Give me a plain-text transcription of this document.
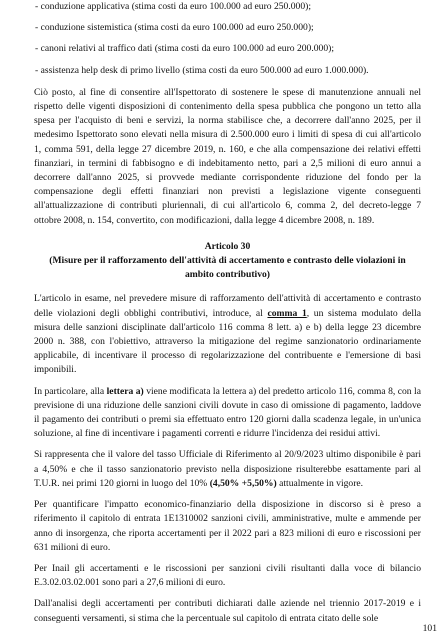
- conduzione applicativa (stima costi da euro 100.000 ad euro 250.000);
- conduzione sistemistica (stima costi da euro 100.000 ad euro 250.000);
- canoni relativi al traffico dati (stima costi da euro 100.000 ad euro 200.000);
- assistenza help desk di primo livello (stima costi da euro 500.000 ad euro 1.000.000).

Ciò posto, al fine di consentire all'Ispettorato di sostenere le spese di manutenzione annuali nel rispetto delle vigenti disposizioni di contenimento della spesa pubblica che pongono un tetto alla spesa per l'acquisto di beni e servizi, la norma stabilisce che, a decorrere dall'anno 2025, per il medesimo Ispettorato sono elevati nella misura di 2.500.000 euro i limiti di spesa di cui all'articolo 1, comma 591, della legge 27 dicembre 2019, n. 160, e che alla compensazione dei relativi effetti finanziari, in termini di fabbisogno e di indebitamento netto, pari a 2,5 milioni di euro annui a decorrere dall'anno 2025, si provvede mediante corrispondente riduzione del fondo per la compensazione degli effetti finanziari non previsti a legislazione vigente conseguenti all'attualizzazione di contributi pluriennali, di cui all'articolo 6, comma 2, del decreto-legge 7 ottobre 2008, n. 154, convertito, con modificazioni, dalla legge 4 dicembre 2008, n. 189.

Articolo 30
(Misure per il rafforzamento dell'attività di accertamento e contrasto delle violazioni in ambito contributivo)

L'articolo in esame, nel prevedere misure di rafforzamento dell'attività di accertamento e contrasto delle violazioni degli obblighi contributivi, introduce, al comma 1, un sistema modulato della misura delle sanzioni disciplinate dall'articolo 116 comma 8 lett. a) e b) della legge 23 dicembre 2000 n. 388, con l'obiettivo, attraverso la mitigazione del regime sanzionatorio ordinariamente applicabile, di incentivare il processo di regolarizzazione del contribuente e l'emersione di basi imponibili.

In particolare, alla lettera a) viene modificata la lettera a) del predetto articolo 116, comma 8, con la previsione di una riduzione delle sanzioni civili dovute in caso di omissione di pagamento, laddove il pagamento dei contributi o premi sia effettuato entro 120 giorni dalla scadenza legale, in un'unica soluzione, al fine di incentivare i pagamenti correnti e ridurre l'incidenza dei residui attivi.

Si rappresenta che il valore del tasso Ufficiale di Riferimento al 20/9/2023 ultimo disponibile è pari a 4,50% e che il tasso sanzionatorio previsto nella disposizione risulterebbe esattamente pari al T.U.R. nei primi 120 giorni in luogo del 10% (4,50% +5,50%) attualmente in vigore.

Per quantificare l'impatto economico-finanziario della disposizione in discorso si è preso a riferimento il capitolo di entrata 1E1310002 sanzioni civili, amministrative, multe e ammende per anno di insorgenza, che riporta accertamenti per il 2022 pari a 823 milioni di euro e riscossioni per 631 milioni di euro.

Per Inail gli accertamenti e le riscossioni per sanzioni civili risultanti dalla voce di bilancio E.3.02.03.02.001 sono pari a 27,6 milioni di euro.

Dall'analisi degli accertamenti per contributi dichiarati dalle aziende nel triennio 2017-2019 e i conseguenti versamenti, si stima che la percentuale sul capitolo di entrata citato delle sole

101
